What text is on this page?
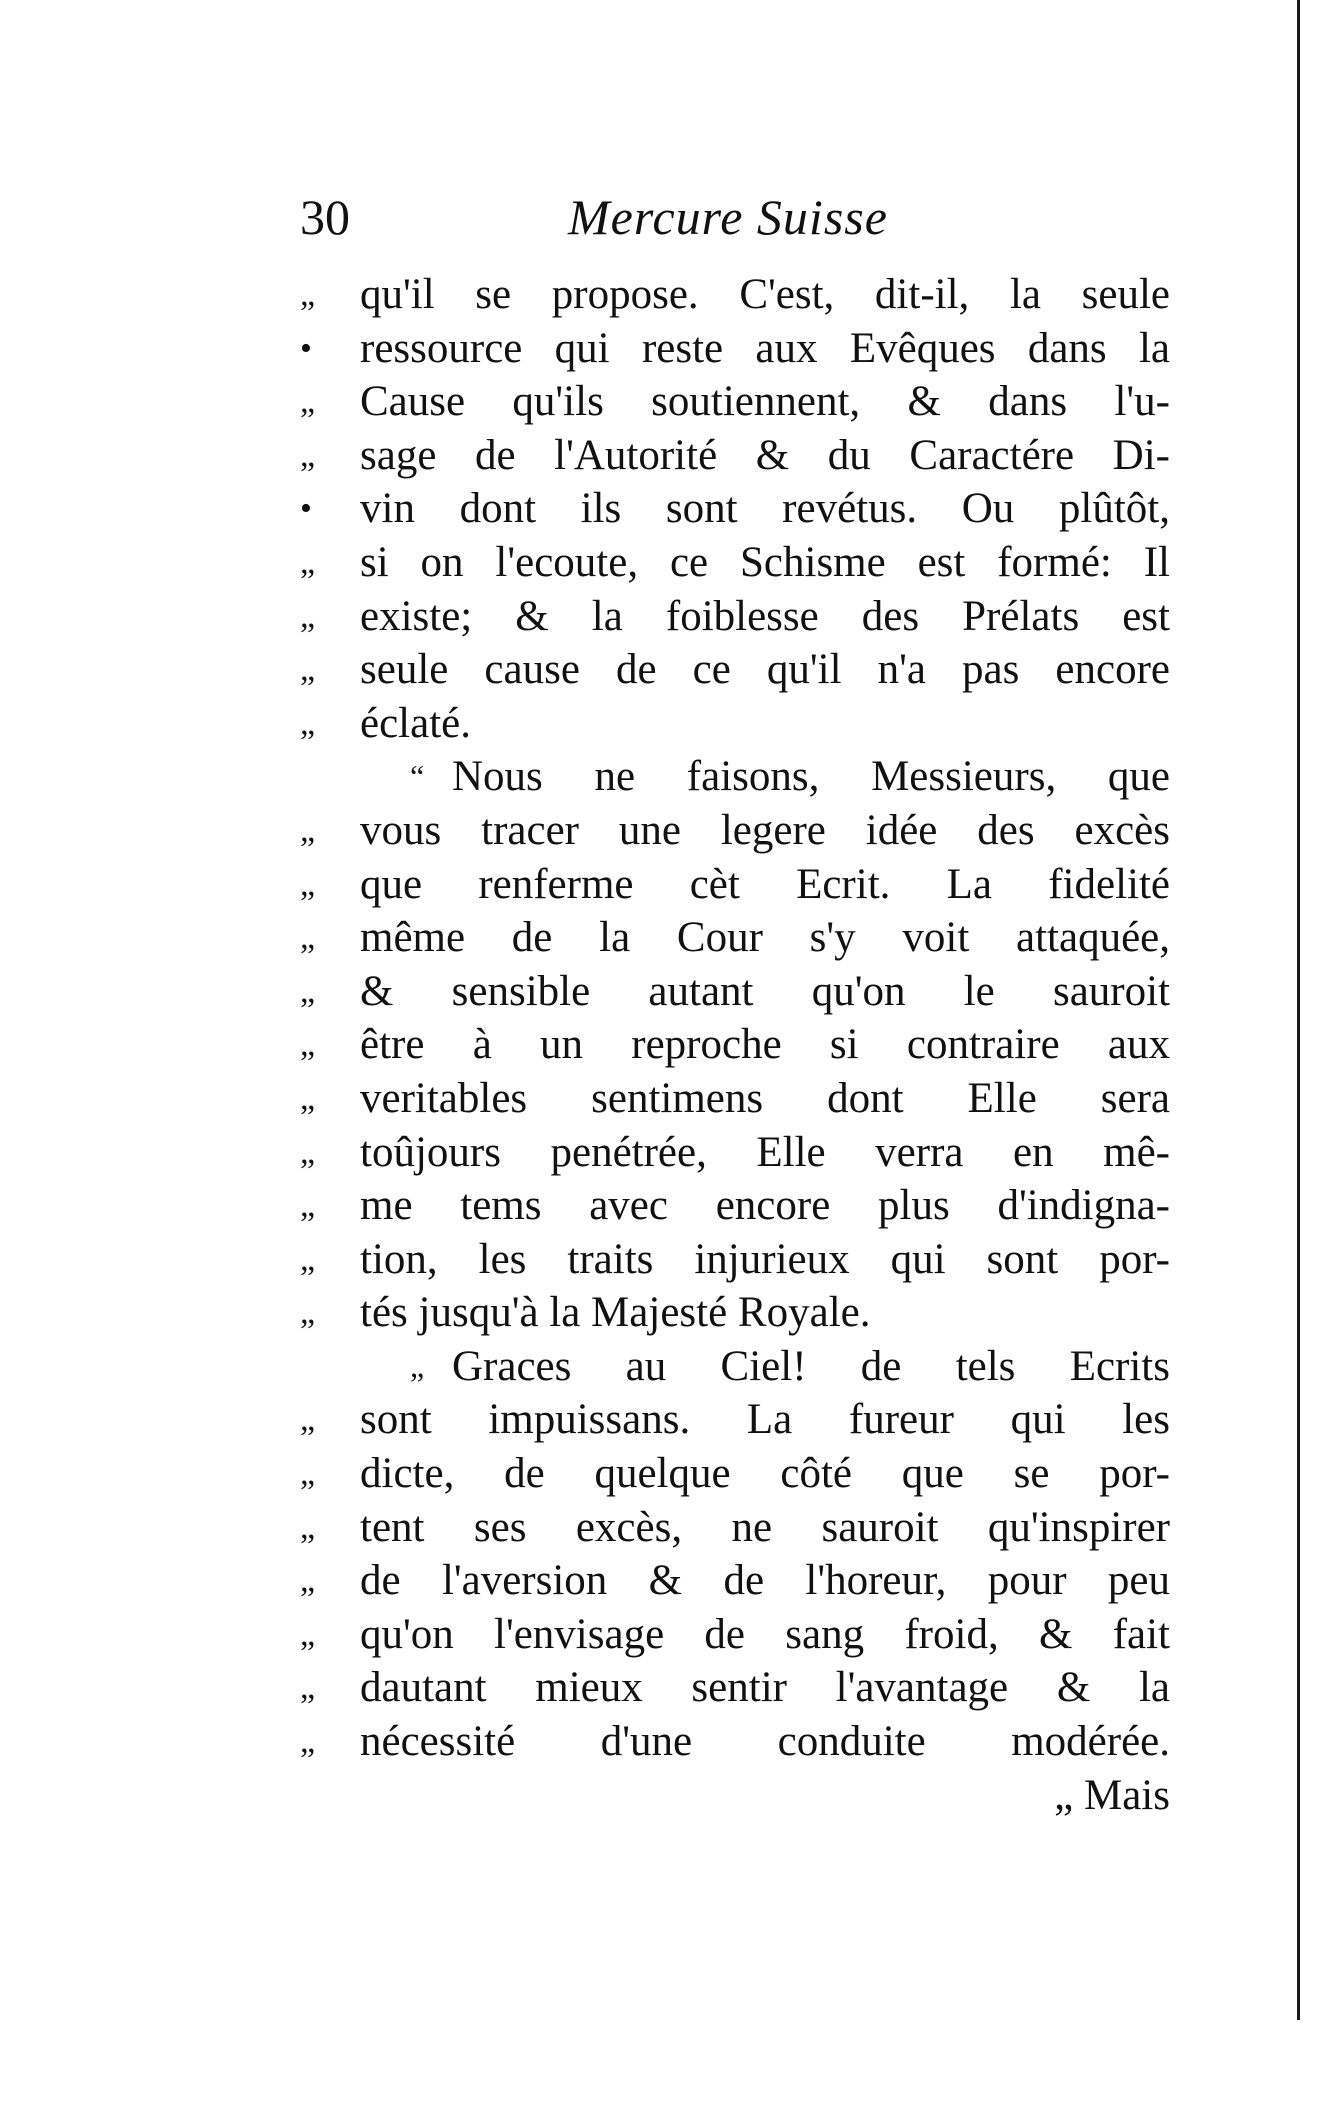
30	Mercure Suisse
„	qu'il se propose. C'est, dit-il, la seule
•	ressource qui reste aux Evêques dans la
„	Cause qu'ils soutiennent, & dans l'u-
„	sage de l'Autorité & du Caractére Di-
•	vin dont ils sont revétus. Ou plûtôt,
„	si on l'ecoute, ce Schisme est formé: Il
„	existe; & la foiblesse des Prélats est
„	seule cause de ce qu'il n'a pas encore
„	éclaté.
“ Nous ne faisons, Messieurs, que
„	vous tracer une legere idée des excès
„	que renferme cèt Ecrit. La fidelité
„	même de la Cour s'y voit attaquée,
„	& sensible autant qu'on le sauroit
„	être à un reproche si contraire aux
„	veritables sentimens dont Elle sera
„	toûjours penétrée, Elle verra en mê-
„	me tems avec encore plus d'indigna-
„	tion, les traits injurieux qui sont por-
„	tés jusqu'à la Majesté Royale.
„ Graces au Ciel! de tels Ecrits
„	sont impuissans. La fureur qui les
„	dicte, de quelque côté que se por-
„	tent ses excès, ne sauroit qu'inspirer
„	de l'aversion & de l'horeur, pour peu
„	qu'on l'envisage de sang froid, & fait
„	dautant mieux sentir l'avantage & la
„	nécessité d'une conduite modérée.
„ Mais
